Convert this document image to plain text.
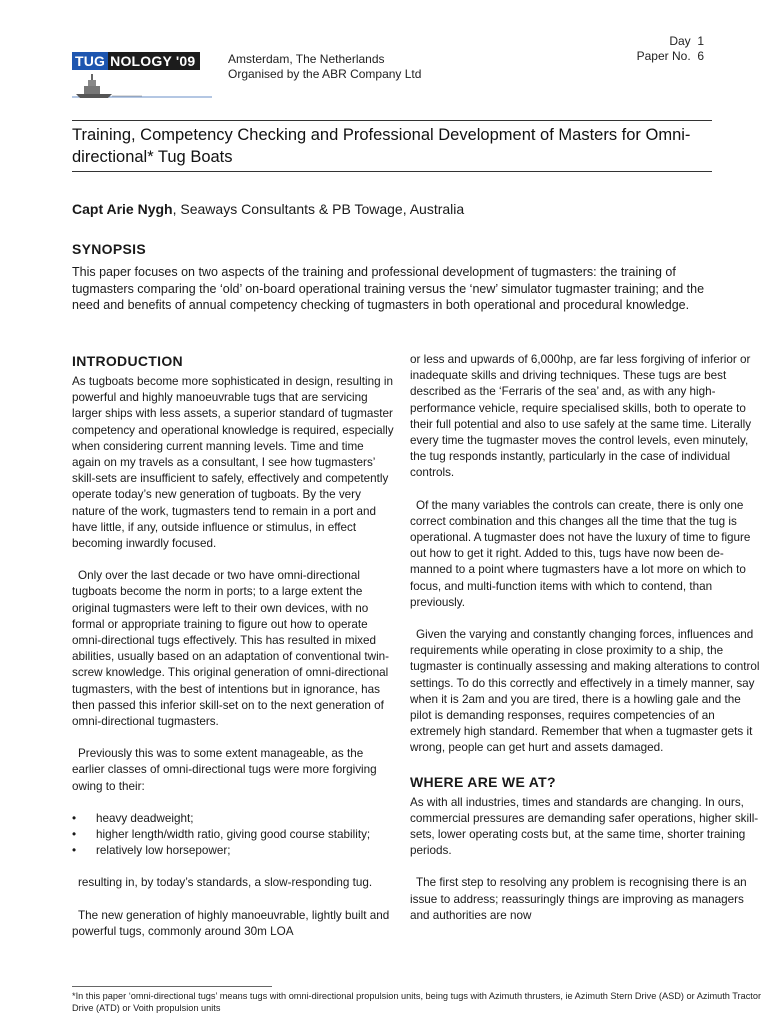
TUG NOLOGY '09	Amsterdam, The Netherlands
Organised by the ABR Company Ltd
Day  1
Paper No.  6
Training, Competency Checking and Professional Development of Masters for Omni-directional* Tug Boats
Capt Arie Nygh, Seaways Consultants & PB Towage, Australia
SYNOPSIS
This paper focuses on two aspects of the training and professional development of tugmasters: the training of tugmasters comparing the ‘old’ on-board operational training versus the ‘new’ simulator tugmaster training; and the need and benefits of annual competency checking of tugmasters in both operational and procedural knowledge.
INTRODUCTION

As tugboats become more sophisticated in design, resulting in powerful and highly manoeuvrable tugs that are servicing larger ships with less assets, a superior standard of tugmaster competency and operational knowledge is required, especially when considering current manning levels. Time and time again on my travels as a consultant, I see how tugmasters’ skill-sets are insufficient to safely, effectively and competently operate today’s new generation of tugboats. By the very nature of the work, tugmasters tend to remain in a port and have little, if any, outside influence or stimulus, in effect becoming inwardly focused.

Only over the last decade or two have omni-directional tugboats become the norm in ports; to a large extent the original tugmasters were left to their own devices, with no formal or appropriate training to figure out how to operate omni-directional tugs effectively. This has resulted in mixed abilities, usually based on an adaptation of conventional twin-screw knowledge. This original generation of omni-directional tugmasters, with the best of intentions but in ignorance, has then passed this inferior skill-set on to the next generation of omni-directional tugmasters.

Previously this was to some extent manageable, as the earlier classes of omni-directional tugs were more forgiving owing to their:

• heavy deadweight;
• higher length/width ratio, giving good course stability;
• relatively low horsepower;

resulting in, by today’s standards, a slow-responding tug.

The new generation of highly manoeuvrable, lightly built and powerful tugs, commonly around 30m LOA

or less and upwards of 6,000hp, are far less forgiving of inferior or inadequate skills and driving techniques. These tugs are best described as the ‘Ferraris of the sea’ and, as with any high-performance vehicle, require specialised skills, both to operate to their full potential and also to use safely at the same time. Literally every time the tugmaster moves the control levels, even minutely, the tug responds instantly, particularly in the case of individual controls.

Of the many variables the controls can create, there is only one correct combination and this changes all the time that the tug is operational. A tugmaster does not have the luxury of time to figure out how to get it right. Added to this, tugs have now been de-manned to a point where tugmasters have a lot more on which to focus, and multi-function items with which to contend, than previously.

Given the varying and constantly changing forces, influences and requirements while operating in close proximity to a ship, the tugmaster is continually assessing and making alterations to control settings. To do this correctly and effectively in a timely manner, say when it is 2am and you are tired, there is a howling gale and the pilot is demanding responses, requires competencies of an extremely high standard. Remember that when a tugmaster gets it wrong, people can get hurt and assets damaged.

WHERE ARE WE AT?

As with all industries, times and standards are changing. In ours, commercial pressures are demanding safer operations, higher skill-sets, lower operating costs but, at the same time, shorter training periods.

The first step to resolving any problem is recognising there is an issue to address; reassuringly things are improving as managers and authorities are now

*In this paper ‘omni-directional tugs’ means tugs with omni-directional propulsion units, being tugs with Azimuth thrusters, ie Azimuth Stern Drive (ASD) or Azimuth Tractor Drive (ATD) or Voith propulsion units
